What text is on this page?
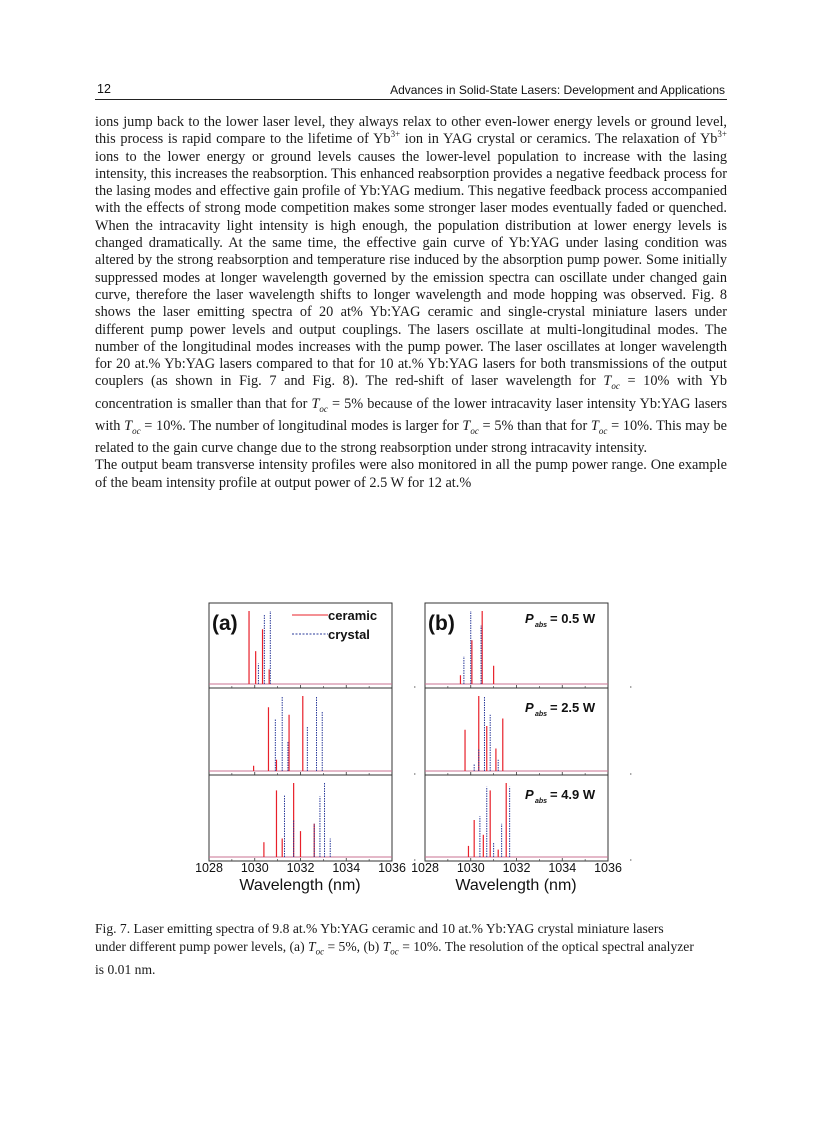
12	Advances in Solid-State Lasers: Development and Applications

ions jump back to the lower laser level, they always relax to other even-lower energy levels or ground level, this process is rapid compare to the lifetime of $Yb^{3+}$ ion in YAG crystal or ceramics. The relaxation of $Yb^{3+}$ ions to the lower energy or ground levels causes the lower-level population to increase with the lasing intensity, this increases the reabsorption. This enhanced reabsorption provides a negative feedback process for the lasing modes and effective gain profile of Yb:YAG medium. This negative feedback process accompanied with the effects of strong mode competition makes some stronger laser modes eventually faded or quenched. When the intracavity light intensity is high enough, the population distribution at lower energy levels is changed dramatically. At the same time, the effective gain curve of Yb:YAG under lasing condition was altered by the strong reabsorption and temperature rise induced by the absorption pump power. Some initially suppressed modes at longer wavelength governed by the emission spectra can oscillate under changed gain curve, therefore the laser wavelength shifts to longer wavelength and mode hopping was observed. Fig. 8 shows the laser emitting spectra of 20 at% Yb:YAG ceramic and single-crystal miniature lasers under different pump power levels and output couplings. The lasers oscillate at multi-longitudinal modes. The number of the longitudinal modes increases with the pump power. The laser oscillates at longer wavelength for 20 at.% Yb:YAG lasers compared to that for 10 at.% Yb:YAG lasers for both transmissions of the output couplers (as shown in Fig. 7 and Fig. 8). The red-shift of laser wavelength for $T_{oc} = 10\%$ with Yb concentration is smaller than that for $T_{oc} = 5\%$ because of the lower intracavity laser intensity Yb:YAG lasers with $T_{oc} = 10\%$. The number of longitudinal modes is larger for $T_{oc} = 5\%$ than that for $T_{oc} = 10\%$. This may be related to the gain curve change due to the strong reabsorption under strong intracavity intensity.

The output beam transverse intensity profiles were also monitored in all the pump power range. One example of the beam intensity profile at output power of 2.5 W for 12 at.%

(a)	(b)
ceramic
crystal
P abs = 0.5 W
P abs = 2.5 W
P abs = 4.9 W
1028 1030 1032 1034 1036 1028 1030 1032 1034 1036
Wavelength (nm)	Wavelength (nm)

Fig. 7. Laser emitting spectra of 9.8 at.% Yb:YAG ceramic and 10 at.% Yb:YAG crystal miniature lasers under different pump power levels, (a) $T_{oc} = 5\%$, (b) $T_{oc} = 10\%$. The resolution of the optical spectral analyzer is 0.01 nm.
